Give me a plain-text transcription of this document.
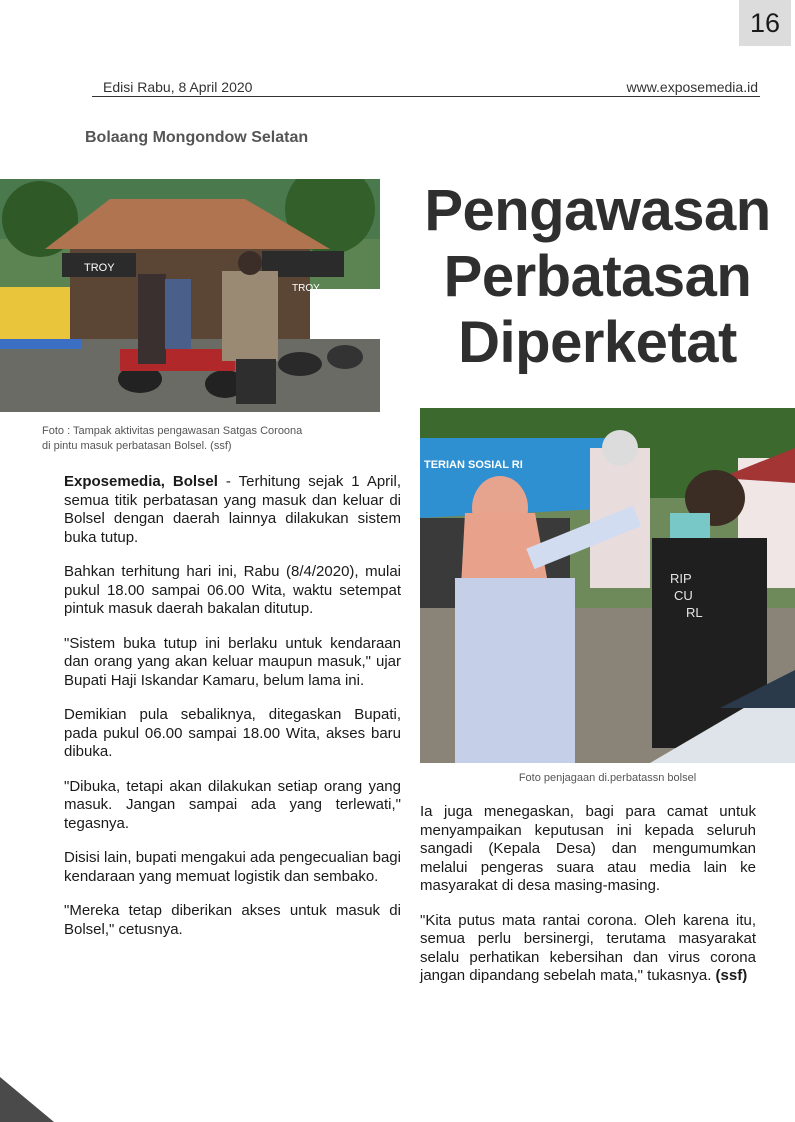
16
Edisi Rabu, 8 April 2020	www.exposemedia.id
Bolaang Mongondow Selatan
TROY
TROY
Foto : Tampak aktivitas pengawasan Satgas Coroona
di pintu masuk perbatasan Bolsel. (ssf)
Pengawasan
Perbatasan
Diperketat
TERIAN SOSIAL RI
RIP
CU
RL
Foto penjagaan di.perbatassn bolsel

Exposemedia, Bolsel - Terhitung sejak 1 April, semua titik perbatasan yang masuk dan keluar di Bolsel dengan daerah lainnya dilakukan sistem buka tutup.

Bahkan terhitung hari ini, Rabu (8/4/2020), mulai pukul 18.00 sampai 06.00 Wita, waktu setempat pintuk masuk daerah bakalan ditutup.

"Sistem buka tutup ini berlaku untuk kendaraan dan orang yang akan keluar maupun masuk," ujar Bupati Haji Iskandar Kamaru, belum lama ini.

Demikian pula sebaliknya, ditegaskan Bupati, pada pukul 06.00 sampai 18.00 Wita, akses baru dibuka.

"Dibuka, tetapi akan dilakukan setiap orang yang masuk. Jangan sampai ada yang terlewati," tegasnya.

Disisi lain, bupati mengakui ada pengecualian bagi kendaraan yang memuat logistik dan sembako.

"Mereka tetap diberikan akses untuk masuk di Bolsel," cetusnya.

Ia juga menegaskan, bagi para camat untuk menyampaikan keputusan ini kepada seluruh sangadi (Kepala Desa) dan mengumumkan melalui pengeras suara atau media lain ke masyarakat di desa masing-masing.

"Kita putus mata rantai corona. Oleh karena itu, semua perlu bersinergi, terutama masyarakat selalu perhatikan kebersihan dan virus corona jangan dipandang sebelah mata," tukasnya. (ssf)
